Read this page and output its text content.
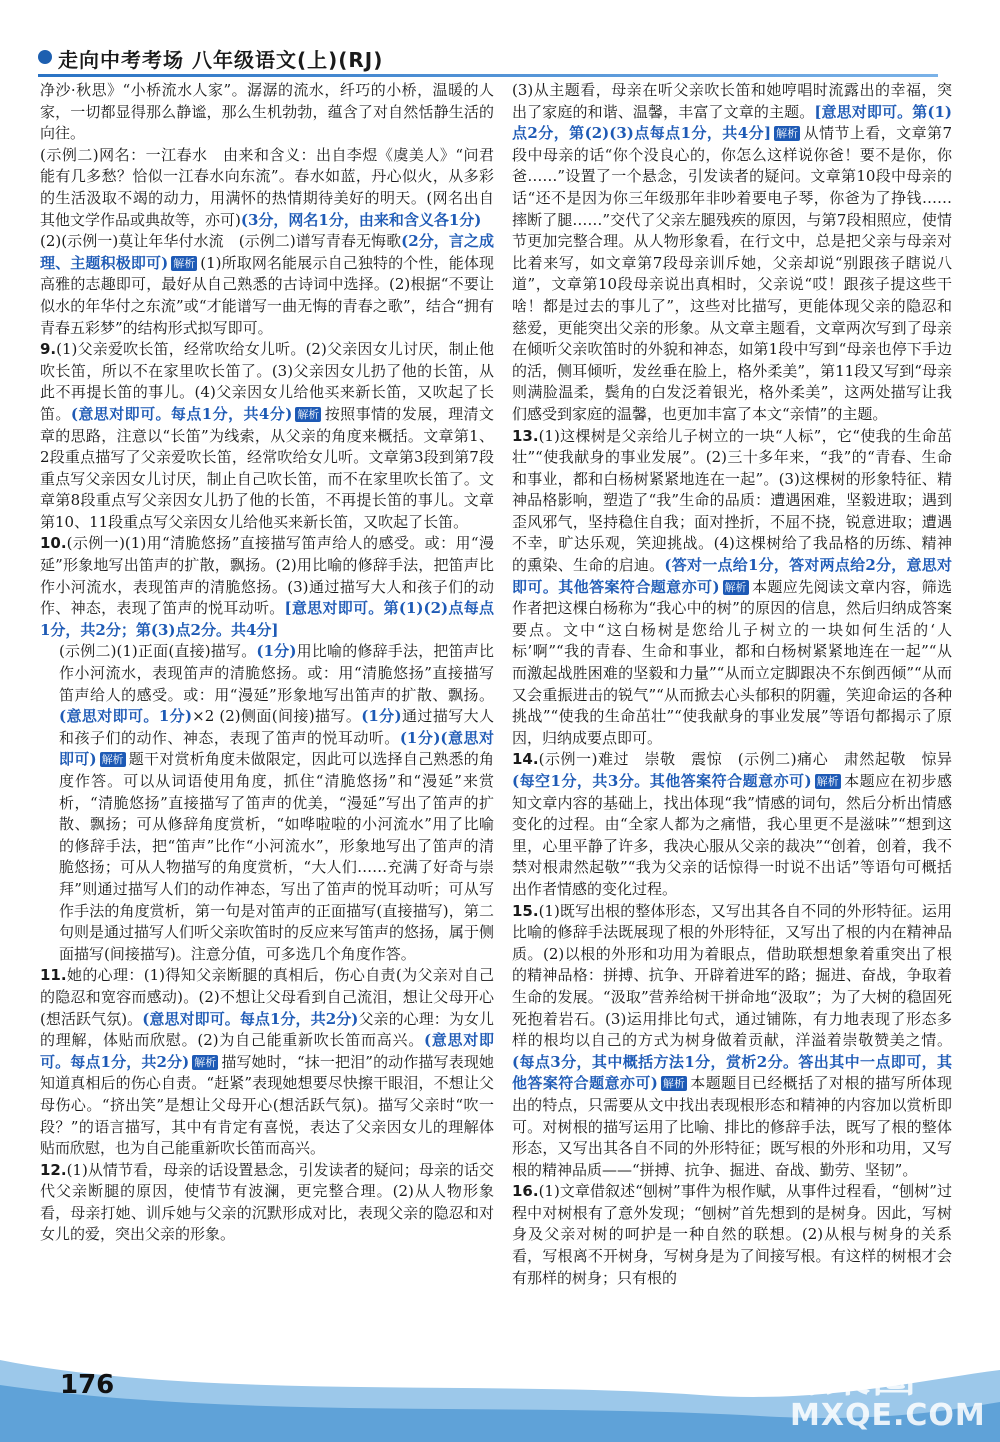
走向中考考场 八年级语文(上)(RJ)

净沙·秋思》“小桥流水人家”。潺潺的流水，纤巧的小桥，温暖的人家，一切都显得那么静谧，那么生机勃勃，蕴含了对自然恬静生活的向往。

(示例二)网名：一江春水　由来和含义：出自李煜《虞美人》“问君能有几多愁？恰似一江春水向东流”。春水如蓝，丹心似火，从多彩的生活汲取不竭的动力，用满怀的热情期待美好的明天。(网名出自其他文学作品或典故等，亦可)(3分，网名1分，由来和含义各1分)

(2)(示例一)莫让年华付水流　(示例二)谱写青春无悔歌(2分，言之成理、主题积极即可) 解析 (1)所取网名能展示自己独特的个性，能体现高雅的志趣即可，最好从自己熟悉的古诗词中选择。(2)根据“不要让似水的年华付之东流”或“才能谱写一曲无悔的青春之歌”，结合“拥有青春五彩梦”的结构形式拟写即可。

9.(1)父亲爱吹长笛，经常吹给女儿听。(2)父亲因女儿讨厌，制止他吹长笛，所以不在家里吹长笛了。(3)父亲因女儿扔了他的长笛，从此不再提长笛的事儿。(4)父亲因女儿给他买来新长笛，又吹起了长笛。(意思对即可。每点1分，共4分) 解析 按照事情的发展，理清文章的思路，注意以“长笛”为线索，从父亲的角度来概括。文章第1、2段重点描写了父亲爱吹长笛，经常吹给女儿听。文章第3段到第7段重点写父亲因女儿讨厌，制止自己吹长笛，而不在家里吹长笛了。文章第8段重点写父亲因女儿扔了他的长笛，不再提长笛的事儿。文章第10、11段重点写父亲因女儿给他买来新长笛，又吹起了长笛。

10.(示例一)(1)用“清脆悠扬”直接描写笛声给人的感受。或：用“漫延”形象地写出笛声的扩散，飘扬。(2)用比喻的修辞手法，把笛声比作小河流水，表现笛声的清脆悠扬。(3)通过描写大人和孩子们的动作、神态，表现了笛声的悦耳动听。[意思对即可。第(1)(2)点每点1分，共2分；第(3)点2分。共4分]

(示例二)(1)正面(直接)描写。(1分)用比喻的修辞手法，把笛声比作小河流水，表现笛声的清脆悠扬。或：用“清脆悠扬”直接描写笛声给人的感受。或：用“漫延”形象地写出笛声的扩散、飘扬。(意思对即可。1分)×2 (2)侧面(间接)描写。(1分)通过描写大人和孩子们的动作、神态，表现了笛声的悦耳动听。(1分)(意思对即可) 解析 题干对赏析角度未做限定，因此可以选择自己熟悉的角度作答。可以从词语使用角度，抓住“清脆悠扬”和“漫延”来赏析，“清脆悠扬”直接描写了笛声的优美，“漫延”写出了笛声的扩散、飘扬；可从修辞角度赏析，“如哗啦啦的小河流水”用了比喻的修辞手法，把“笛声”比作“小河流水”，形象地写出了笛声的清脆悠扬；可从人物描写的角度赏析，“大人们……充满了好奇与崇拜”则通过描写人们的动作神态，写出了笛声的悦耳动听；可从写作手法的角度赏析，第一句是对笛声的正面描写(直接描写)，第二句则是通过描写人们听父亲吹笛时的反应来写笛声的悠扬，属于侧面描写(间接描写)。注意分值，可多选几个角度作答。

11.她的心理：(1)得知父亲断腿的真相后，伤心自责(为父亲对自己的隐忍和宽容而感动)。(2)不想让父母看到自己流泪，想让父母开心(想活跃气氛)。(意思对即可。每点1分，共2分)父亲的心理：为女儿的理解，体贴而欣慰。(2)为自己能重新吹长笛而高兴。(意思对即可。每点1分，共2分) 解析 描写她时，“抹一把泪”的动作描写表现她知道真相后的伤心自责。“赶紧”表现她想要尽快擦干眼泪，不想让父母伤心。“挤出笑”是想让父母开心(想活跃气氛)。描写父亲时“吹一段？”的语言描写，其中有肯定有喜悦，表达了父亲因女儿的理解体贴而欣慰，也为自己能重新吹长笛而高兴。

12.(1)从情节看，母亲的话设置悬念，引发读者的疑问；母亲的话交代父亲断腿的原因，使情节有波澜，更完整合理。(2)从人物形象看，母亲打她、训斥她与父亲的沉默形成对比，表现父亲的隐忍和对女儿的爱，突出父亲的形象。

(3)从主题看，母亲在听父亲吹长笛和她哼唱时流露出的幸福，突出了家庭的和谐、温馨，丰富了文章的主题。[意思对即可。第(1)点2分，第(2)(3)点每点1分，共4分] 解析 从情节上看，文章第7段中母亲的话“你个没良心的，你怎么这样说你爸！要不是你，你爸……”设置了一个悬念，引发读者的疑问。文章第10段中母亲的话“还不是因为你三年级那年非吵着要电子琴，你爸为了挣钱……摔断了腿……”交代了父亲左腿残疾的原因，与第7段相照应，使情节更加完整合理。从人物形象看，在行文中，总是把父亲与母亲对比着来写，如文章第7段母亲训斥她，父亲却说“别跟孩子瞎说八道”，文章第10段母亲说出真相时，父亲说“哎！跟孩子提这些干啥！都是过去的事儿了”，这些对比描写，更能体现父亲的隐忍和慈爱，更能突出父亲的形象。从文章主题看，文章两次写到了母亲在倾听父亲吹笛时的外貌和神态，如第1段中写到“母亲也停下手边的活，侧耳倾听，发丝垂在脸上，格外柔美”，第11段又写到“母亲则满脸温柔，鬓角的白发泛着银光，格外柔美”，这两处描写让我们感受到家庭的温馨，也更加丰富了本文“亲情”的主题。

13.(1)这棵树是父亲给儿子树立的一块“人标”，它“使我的生命茁壮”“使我献身的事业发展”。(2)三十多年来，“我”的“青春、生命和事业，都和白杨树紧紧地连在一起”。(3)这棵树的形象特征、精神品格影响，塑造了“我”生命的品质：遭遇困难，坚毅进取；遇到歪风邪气，坚持稳住自我；面对挫折，不屈不挠，锐意进取；遭遇不幸，旷达乐观，笑迎挑战。(4)这棵树给了我品格的历练、精神的熏染、生命的启迪。(答对一点给1分，答对两点给2分，意思对即可。其他答案符合题意亦可) 解析 本题应先阅读文章内容，筛选作者把这棵白杨称为“我心中的树”的原因的信息，然后归纳成答案要点。文中“这白杨树是您给儿子树立的一块如何生活的‘人标’啊”“我的青春、生命和事业，都和白杨树紧紧地连在一起”“从而激起战胜困难的坚毅和力量”“从而立定脚跟决不东倒西倾”“从而又会重振进击的锐气”“从而掀去心头郁积的阴霾，笑迎命运的各种挑战”“使我的生命茁壮”“使我献身的事业发展”等语句都揭示了原因，归纳成要点即可。

14.(示例一)难过　崇敬　震惊　(示例二)痛心　肃然起敬　惊异(每空1分，共3分。其他答案符合题意亦可) 解析 本题应在初步感知文章内容的基础上，找出体现“我”情感的词句，然后分析出情感变化的过程。由“全家人都为之痛惜，我心里更不是滋味”“想到这里，心里平静了许多，我决心服从父亲的裁决”“创着，创着，我不禁对根肃然起敬”“我为父亲的话惊得一时说不出话”等语句可概括出作者情感的变化过程。

15.(1)既写出根的整体形态，又写出其各自不同的外形特征。运用比喻的修辞手法既展现了根的外形特征，又写出了根的内在精神品质。(2)以根的外形和功用为着眼点，借助联想想象着重突出了根的精神品格：拼搏、抗争、开辟着进军的路；掘进、奋战，争取着生命的发展。“汲取”营养给树干拼命地“汲取”；为了大树的稳固死死抱着岩石。(3)运用排比句式，通过铺陈，有力地表现了形态多样的根均以自己的方式为树身做着贡献，洋溢着崇敬赞美之情。(每点3分，其中概括方法1分，赏析2分。答出其中一点即可，其他答案符合题意亦可) 解析 本题题目已经概括了对根的描写所体现出的特点，只需要从文中找出表现根形态和精神的内容加以赏析即可。对树根的描写运用了比喻、排比的修辞手法，既写了根的整体形态，又写出其各自不同的外形特征；既写根的外形和功用，又写根的精神品质——“拼搏、抗争、掘进、奋战、勤劳、坚韧”。

16.(1)文章借叙述“刨树”事件为根作赋，从事件过程看，“刨树”过程中对树根有了意外发现；“刨树”首先想到的是树身。因此，写树身及父亲对树的呵护是一种自然的联想。(2)从根与树身的关系看，写根离不开树身，写树身是为了间接写根。有这样的树根才会有那样的树身；只有根的

176	答案圈
MXQE.COM
